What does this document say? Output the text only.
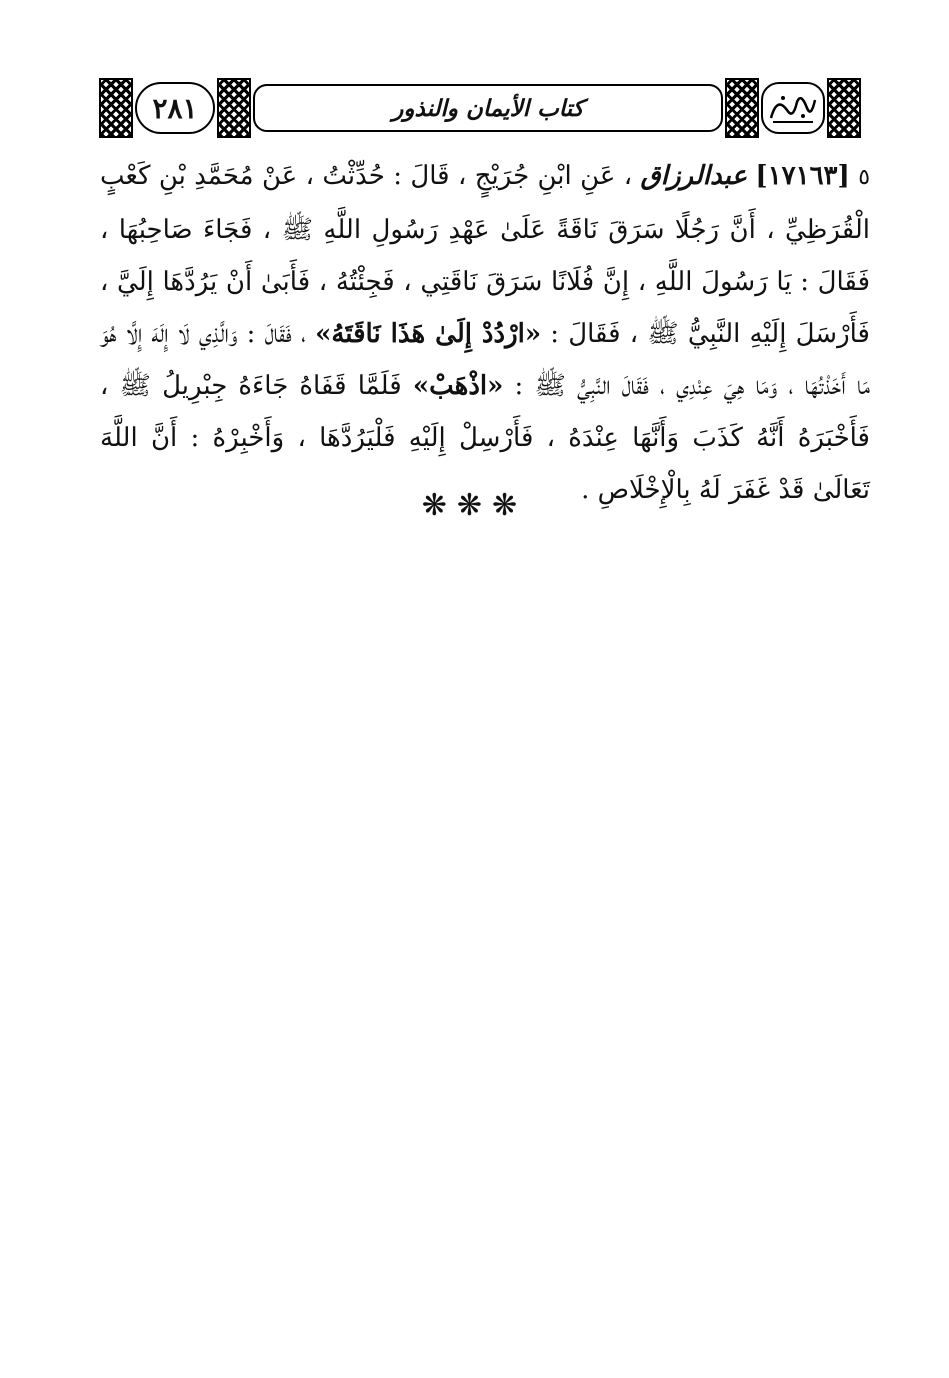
٢٨١	كتاب الأيمان والنذور
٥ [١٧١٦٣] عبدالرزاق ، عَنِ ابْنِ جُرَيْجٍ ، قَالَ : حُدِّثْتُ ، عَنْ مُحَمَّدِ بْنِ كَعْبٍ الْقُرَظِيِّ ، أَنَّ رَجُلًا سَرَقَ نَاقَةً عَلَىٰ عَهْدِ رَسُولِ اللَّهِ ﷺ ، فَجَاءَ صَاحِبُهَا ، فَقَالَ : يَا رَسُولَ اللَّهِ ، إِنَّ فُلَانًا سَرَقَ نَاقَتِي ، فَجِئْتُهُ ، فَأَبَىٰ أَنْ يَرُدَّهَا إِلَيَّ ، فَأَرْسَلَ إِلَيْهِ النَّبِيُّ ﷺ ، فَقَالَ : «ارْدُدْ إِلَىٰ هَذَا نَاقَتَهُ» ، فَقَالَ : وَالَّذِي لَا إِلَهَ إِلَّا هُوَ مَا أَخَذْتُهَا ، وَمَا هِيَ عِنْدِي ، فَقَالَ النَّبِيُّ ﷺ : «اذْهَبْ» فَلَمَّا قَفَاهُ جَاءَهُ جِبْرِيلُ ﷺ ، فَأَخْبَرَهُ أَنَّهُ كَذَبَ وَأَنَّهَا عِنْدَهُ ، فَأَرْسِلْ إِلَيْهِ فَلْيَرُدَّهَا ، وَأَخْبِرْهُ : أَنَّ اللَّهَ تَعَالَىٰ قَدْ غَفَرَ لَهُ بِالْإِخْلَاصِ .
❋❋❋
